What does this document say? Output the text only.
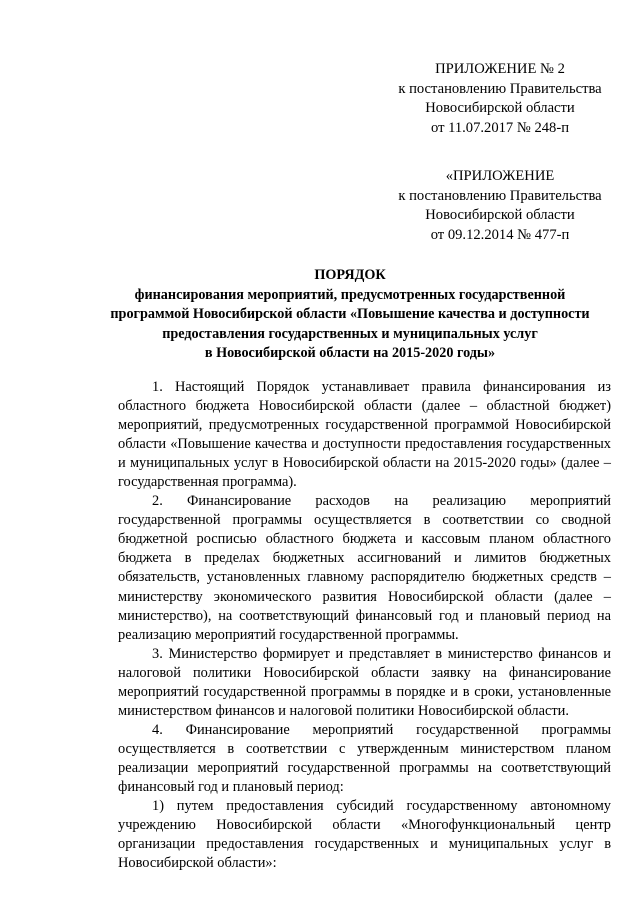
ПРИЛОЖЕНИЕ № 2
к постановлению Правительства
Новосибирской области
от 11.07.2017 № 248-п
«ПРИЛОЖЕНИЕ
к постановлению Правительства
Новосибирской области
от 09.12.2014 № 477-п
ПОРЯДОК
финансирования мероприятий, предусмотренных государственной
программой Новосибирской области «Повышение качества и доступности
предоставления государственных и муниципальных услуг
в Новосибирской области на 2015-2020 годы»

1. Настоящий Порядок устанавливает правила финансирования из областного бюджета Новосибирской области (далее – областной бюджет) мероприятий, предусмотренных государственной программой Новосибирской области «Повышение качества и доступности предоставления государственных и муниципальных услуг в Новосибирской области на 2015-2020 годы» (далее – государственная программа).

2. Финансирование расходов на реализацию мероприятий государственной программы осуществляется в соответствии со сводной бюджетной росписью областного бюджета и кассовым планом областного бюджета в пределах бюджетных ассигнований и лимитов бюджетных обязательств, установленных главному распорядителю бюджетных средств – министерству экономического развития Новосибирской области (далее – министерство), на соответствующий финансовый год и плановый период на реализацию мероприятий государственной программы.

3. Министерство формирует и представляет в министерство финансов и налоговой политики Новосибирской области заявку на финансирование мероприятий государственной программы в порядке и в сроки, установленные министерством финансов и налоговой политики Новосибирской области.

4. Финансирование мероприятий государственной программы осуществляется в соответствии с утвержденным министерством планом реализации мероприятий государственной программы на соответствующий финансовый год и плановый период:

1) путем предоставления субсидий государственному автономному учреждению Новосибирской области «Многофункциональный центр организации предоставления государственных и муниципальных услуг в Новосибирской области»:
